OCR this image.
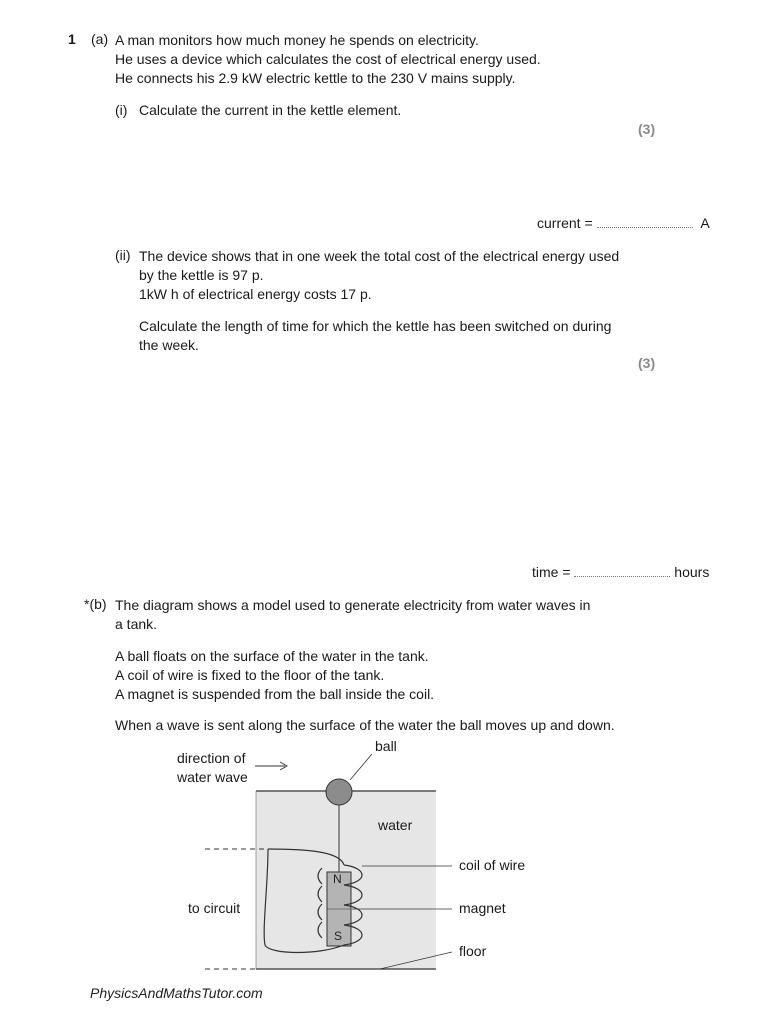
1 (a) A man monitors how much money he spends on electricity.
He uses a device which calculates the cost of electrical energy used.
He connects his 2.9 kW electric kettle to the 230 V mains supply.
(i) Calculate the current in the kettle element.
(3)
current =	A
(ii) The device shows that in one week the total cost of the electrical energy used
by the kettle is 97 p.
1kW h of electrical energy costs 17 p.
Calculate the length of time for which the kettle has been switched on during
the week.
(3)
time =	hours
*(b) The diagram shows a model used to generate electricity from water waves in
a tank.
A ball floats on the surface of the water in the tank.
A coil of wire is fixed to the floor of the tank.
A magnet is suspended from the ball inside the coil.
When a wave is sent along the surface of the water the ball moves up and down.
N
S
ball
direction of
water wave
water
coil of wire
to circuit	magnet
floor
PhysicsAndMathsTutor.com
